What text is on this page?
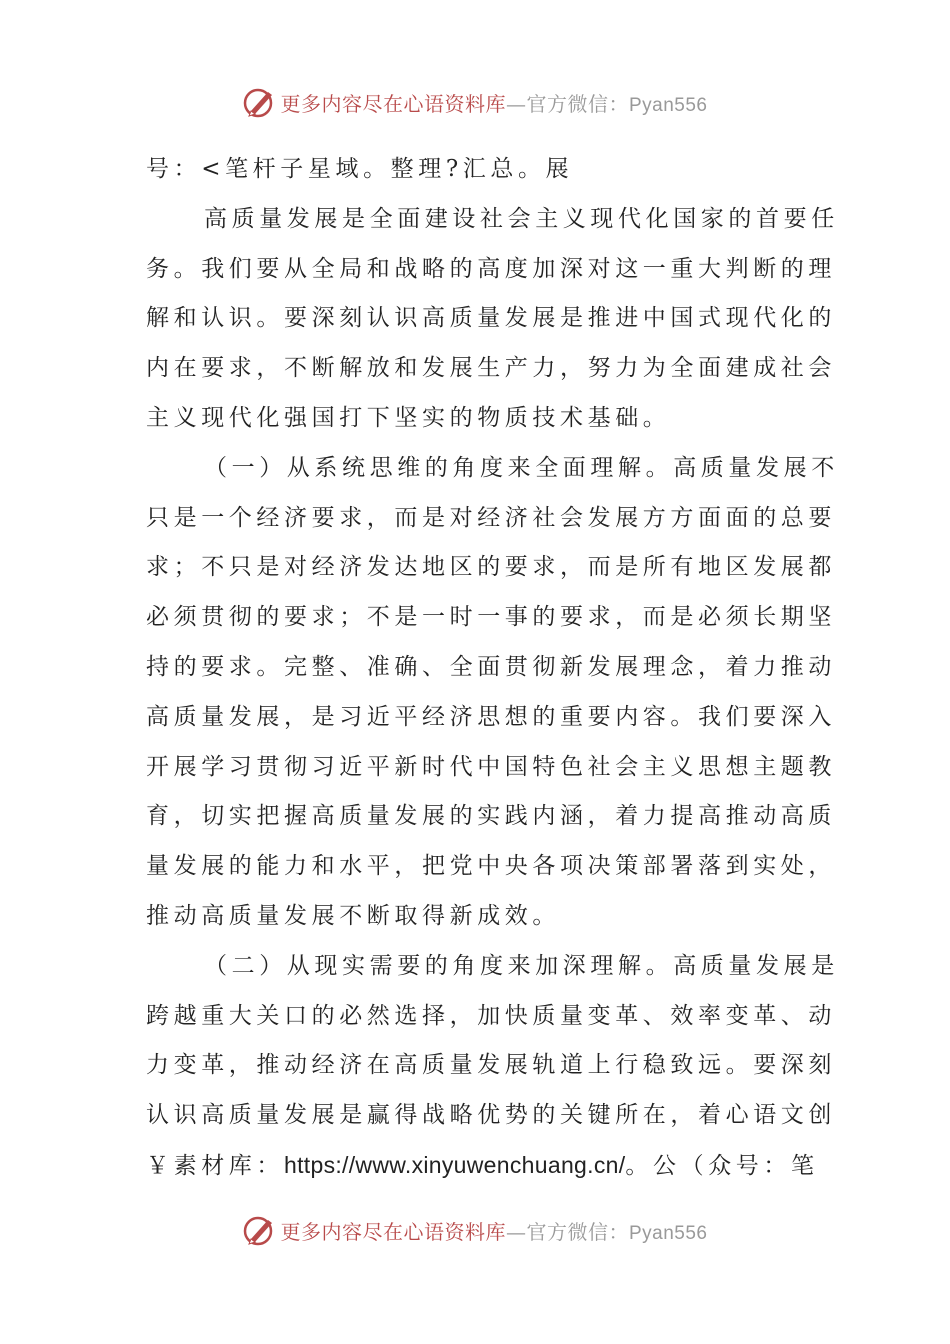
更多内容尽在心语资料库—官方微信：Pyan556
号：<笔杆子星域。整理?汇总。展
高质量发展是全面建设社会主义现代化国家的首要任
务。我们要从全局和战略的高度加深对这一重大判断的理
解和认识。要深刻认识高质量发展是推进中国式现代化的
内在要求，不断解放和发展生产力，努力为全面建成社会
主义现代化强国打下坚实的物质技术基础。
（一）从系统思维的角度来全面理解。高质量发展不
只是一个经济要求，而是对经济社会发展方方面面的总要
求；不只是对经济发达地区的要求，而是所有地区发展都
必须贯彻的要求；不是一时一事的要求，而是必须长期坚
持的要求。完整、准确、全面贯彻新发展理念，着力推动
高质量发展，是习近平经济思想的重要内容。我们要深入
开展学习贯彻习近平新时代中国特色社会主义思想主题教
育，切实把握高质量发展的实践内涵，着力提高推动高质
量发展的能力和水平，把党中央各项决策部署落到实处，
推动高质量发展不断取得新成效。
（二）从现实需要的角度来加深理解。高质量发展是
跨越重大关口的必然选择，加快质量变革、效率变革、动
力变革，推动经济在高质量发展轨道上行稳致远。要深刻
认识高质量发展是赢得战略优势的关键所在，着心语文创
￥素材库：https://www.xinyuwenchuang.cn/。公（众号：笔
更多内容尽在心语资料库—官方微信：Pyan556
